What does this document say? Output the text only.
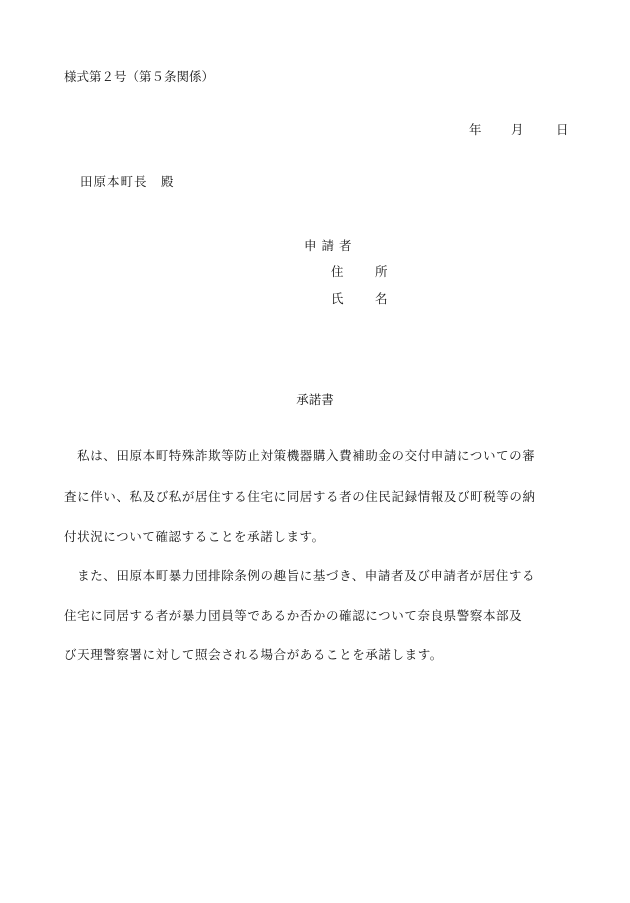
様式第２号（第５条関係）
年 月	日
田原本町長　殿
申請者
住	所
氏	名
承諾書
　私は、田原本町特殊詐欺等防止対策機器購入費補助金の交付申請についての審
査に伴い、私及び私が居住する住宅に同居する者の住民記録情報及び町税等の納
付状況について確認することを承諾します。
　また、田原本町暴力団排除条例の趣旨に基づき、申請者及び申請者が居住する
住宅に同居する者が暴力団員等であるか否かの確認について奈良県警察本部及
び天理警察署に対して照会される場合があることを承諾します。
